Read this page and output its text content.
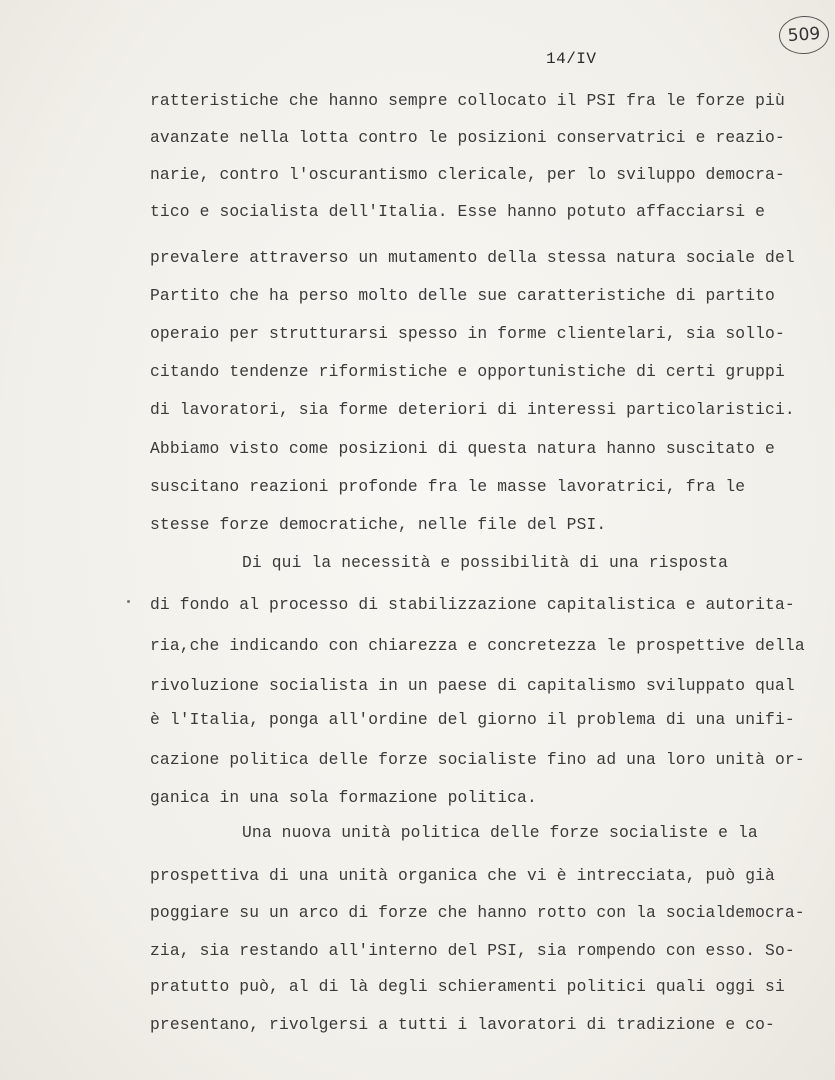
509
14/IV
ratteristiche che hanno sempre collocato il PSI fra le forze più
avanzate nella lotta contro le posizioni conservatrici e reazio-
narie, contro l'oscurantismo clericale, per lo sviluppo democra-
tico e socialista dell'Italia. Esse hanno potuto affacciarsi e
prevalere attraverso un mutamento della stessa natura sociale del
Partito che ha perso molto delle sue caratteristiche di partito
operaio per strutturarsi spesso in forme clientelari, sia sollo-
citando tendenze riformistiche e opportunistiche di certi gruppi
di lavoratori, sia forme deteriori di interessi particolaristici.
Abbiamo visto come posizioni di questa natura hanno suscitato e
suscitano reazioni profonde fra le masse lavoratrici, fra le
stesse forze democratiche, nelle file del PSI.
Di qui la necessità e possibilità di una risposta
di fondo al processo di stabilizzazione capitalistica e autorita-
ria,che indicando con chiarezza e concretezza le prospettive della
rivoluzione socialista in un paese di capitalismo sviluppato qual
è l'Italia, ponga all'ordine del giorno il problema di una unifi-
cazione politica delle forze socialiste fino ad una loro unità or-
ganica in una sola formazione politica.
Una nuova unità politica delle forze socialiste e la
prospettiva di una unità organica che vi è intrecciata, può già
poggiare su un arco di forze che hanno rotto con la socialdemocra-
zia, sia restando all'interno del PSI, sia rompendo con esso. So-
pratutto può, al di là degli schieramenti politici quali oggi si
presentano, rivolgersi a tutti i lavoratori di tradizione e co-
